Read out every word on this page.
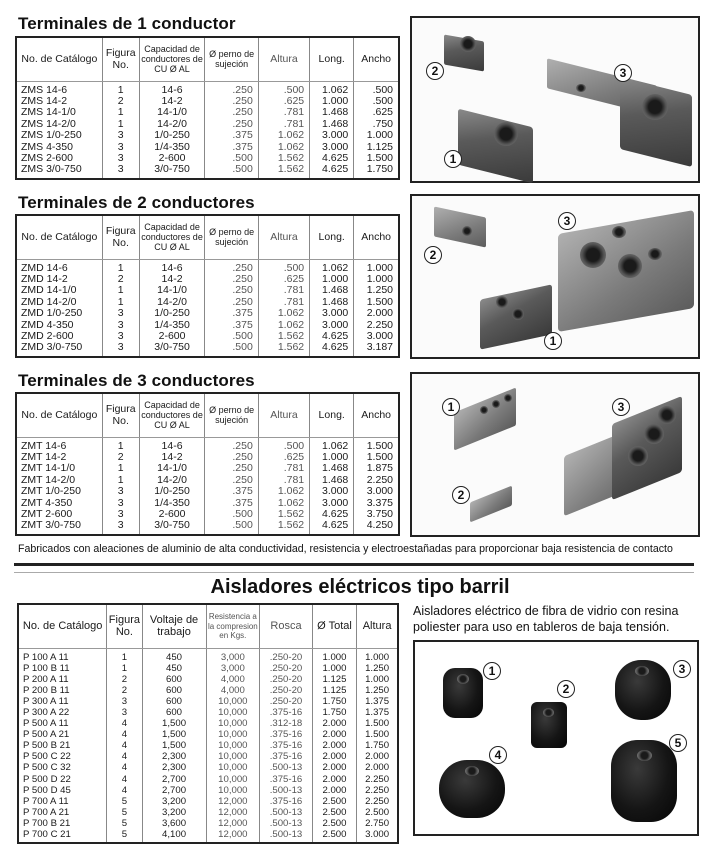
Terminales de 1 conductor
No. de Catálogo	Figura No.	Capacidad de conductores de CU Ø AL	Ø perno de sujeción	Altura	Long.	Ancho
ZMS 14-6	1	14-6	.250	.500	1.062	.500
ZMS 14-2	2	14-2	.250	.625	1.000	.500
ZMS 14-1/0	1	14-1/0	.250	.781	1.468	.625
ZMS 14-2/0	1	14-2/0	.250	.781	1.468	.750
ZMS 1/0-250	3	1/0-250	.375	1.062	3.000	1.000
ZMS 4-350	3	1/4-350	.375	1.062	3.000	1.125
ZMS 2-600	3	2-600	.500	1.562	4.625	1.500
ZMS 3/0-750	3	3/0-750	.500	1.562	4.625	1.750
2
1
3
Terminales de 2 conductores
No. de Catálogo	Figura No.	Capacidad de conductores de CU Ø AL	Ø perno de sujeción	Altura	Long.	Ancho
ZMD 14-6	1	14-6	.250	.500	1.062	1.000
ZMD 14-2	2	14-2	.250	.625	1.000	1.000
ZMD 14-1/0	1	14-1/0	.250	.781	1.468	1.250
ZMD 14-2/0	1	14-2/0	.250	.781	1.468	1.500
ZMD 1/0-250	3	1/0-250	.375	1.062	3.000	2.000
ZMD 4-350	3	1/4-350	.375	1.062	3.000	2.250
ZMD 2-600	3	2-600	.500	1.562	4.625	3.000
ZMD 3/0-750	3	3/0-750	.500	1.562	4.625	3.187
2
1
3
Terminales de 3 conductores
No. de Catálogo	Figura No.	Capacidad de conductores de CU Ø AL	Ø perno de sujeción	Altura	Long.	Ancho
ZMT 14-6	1	14-6	.250	.500	1.062	1.500
ZMT 14-2	2	14-2	.250	.625	1.000	1.500
ZMT 14-1/0	1	14-1/0	.250	.781	1.468	1.875
ZMT 14-2/0	1	14-2/0	.250	.781	1.468	2.250
ZMT 1/0-250	3	1/0-250	.375	1.062	3.000	3.000
ZMT 4-350	3	1/4-350	.375	1.062	3.000	3.375
ZMT 2-600	3	2-600	.500	1.562	4.625	3.750
ZMT 3/0-750	3	3/0-750	.500	1.562	4.625	4.250
1
2
3
Fabricados con aleaciones de aluminio de alta conductividad, resistencia y electroestañadas para proporcionar baja resistencia de contacto
Aisladores eléctricos tipo barril
No. de Catálogo	Figura No.	Voltaje de trabajo	Resistencia a la compresion en Kgs.	Rosca	Ø Total	Altura
P 100 A 11	1	450	3,000	.250-20	1.000	1.000
P 100 B 11	1	450	3,000	.250-20	1.000	1.250
P 200 A 11	2	600	4,000	.250-20	1.125	1.000
P 200 B 11	2	600	4,000	.250-20	1.125	1.250
P 300 A 11	3	600	10,000	.250-20	1.750	1.375
P 300 A 22	3	600	10,000	.375-16	1.750	1.375
P 500 A 11	4	1,500	10,000	.312-18	2.000	1.500
P 500 A 21	4	1,500	10,000	.375-16	2.000	1.500
P 500 B 21	4	1,500	10,000	.375-16	2.000	1.750
P 500 C 22	4	2,300	10,000	.375-16	2.000	2.000
P 500 C 32	4	2,300	10,000	.500-13	2.000	2.000
P 500 D 22	4	2,700	10,000	.375-16	2.000	2.250
P 500 D 45	4	2,700	10,000	.500-13	2.000	2.250
P 700 A 11	5	3,200	12,000	.375-16	2.500	2.250
P 700 A 21	5	3,200	12,000	.500-13	2.500	2.500
P 700 B 21	5	3,600	12,000	.500-13	2.500	2.750
P 700 C 21	5	4,100	12,000	.500-13	2.500	3.000
Aisladores eléctrico de fibra de vidrio con resina poliester para uso en tableros de baja tensión.
1
2
3
4
5
